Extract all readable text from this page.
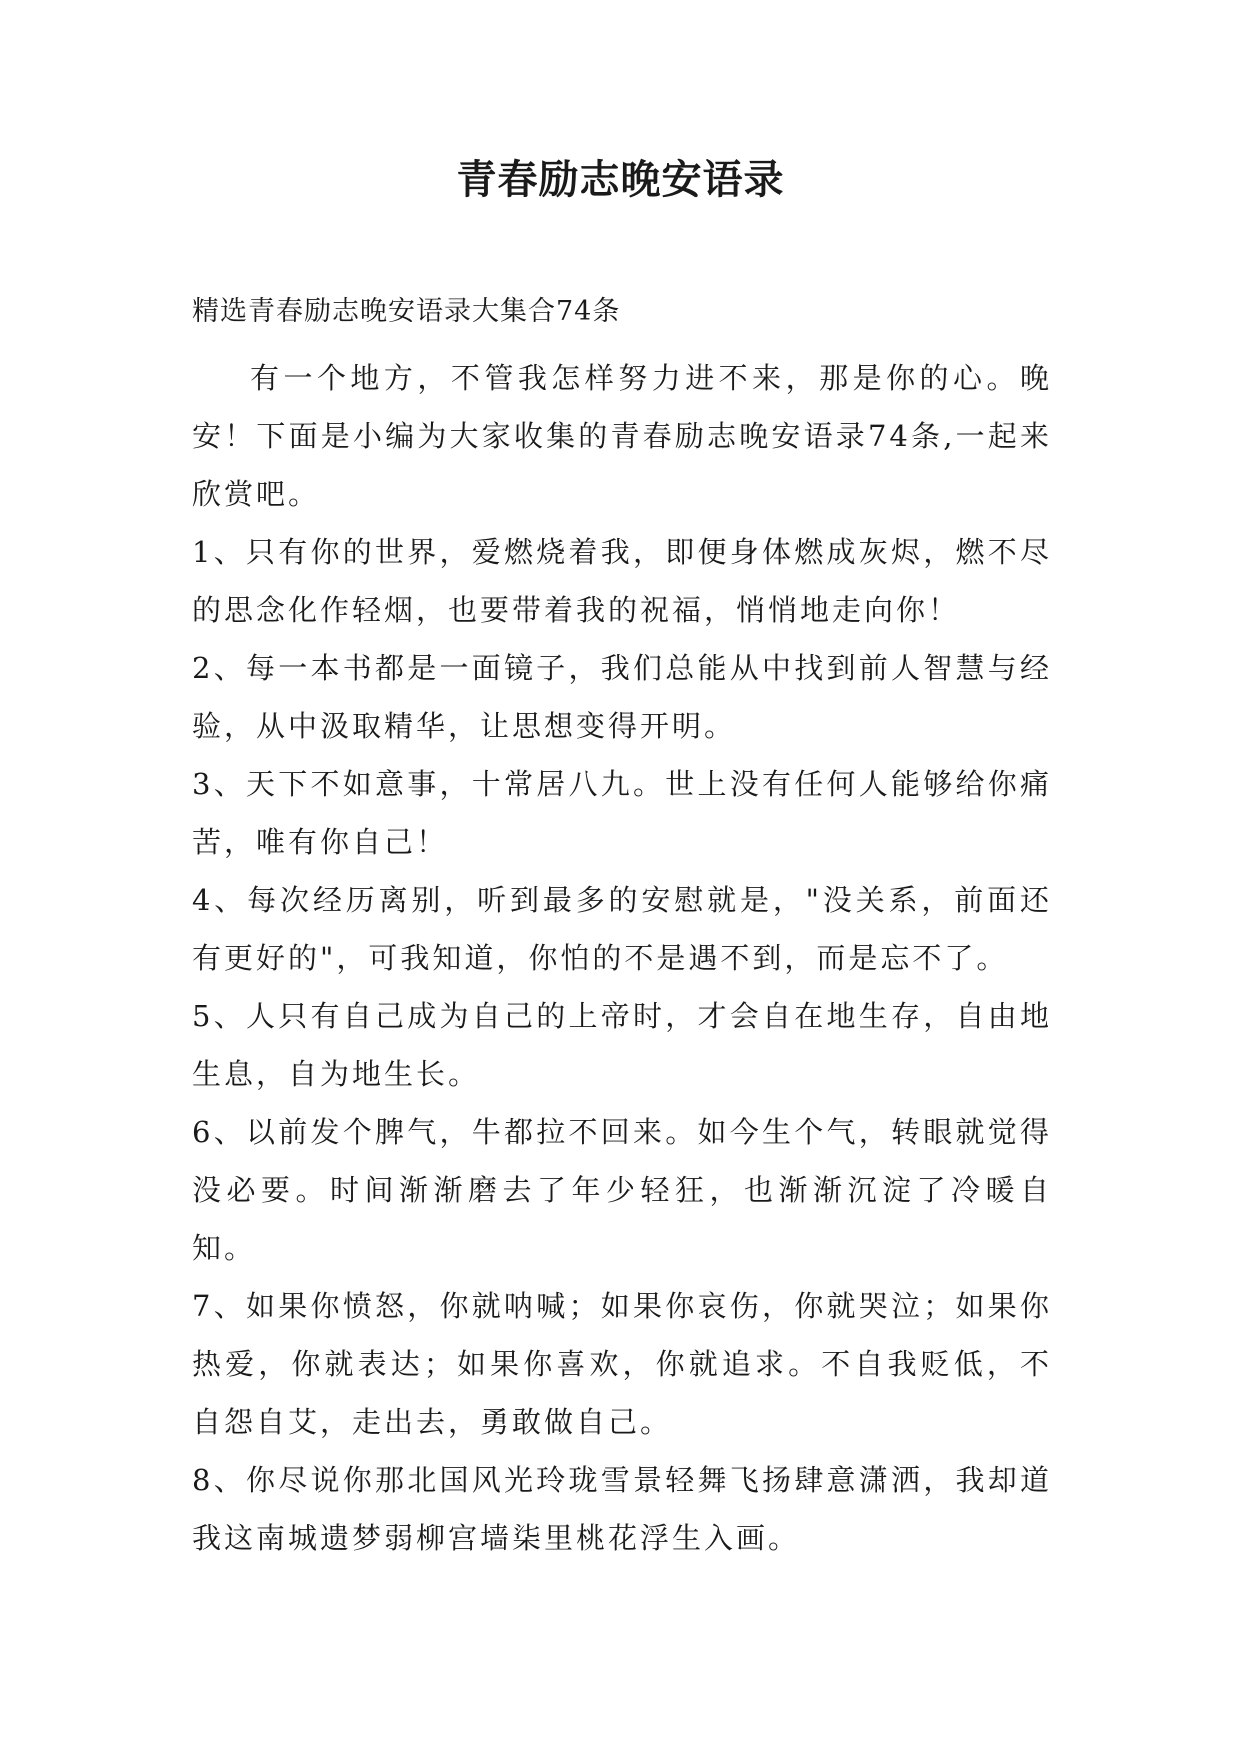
青春励志晚安语录

精选青春励志晚安语录大集合74条

有一个地方，不管我怎样努力进不来，那是你的心。晚安！下面是小编为大家收集的青春励志晚安语录74条,一起来欣赏吧。

1、只有你的世界，爱燃烧着我，即便身体燃成灰烬，燃不尽的思念化作轻烟，也要带着我的祝福，悄悄地走向你！

2、每一本书都是一面镜子，我们总能从中找到前人智慧与经验，从中汲取精华，让思想变得开明。

3、天下不如意事，十常居八九。世上没有任何人能够给你痛苦，唯有你自己！

4、每次经历离别，听到最多的安慰就是，"没关系，前面还有更好的"，可我知道，你怕的不是遇不到，而是忘不了。

5、人只有自己成为自己的上帝时，才会自在地生存，自由地生息，自为地生长。

6、以前发个脾气，牛都拉不回来。如今生个气，转眼就觉得没必要。时间渐渐磨去了年少轻狂，也渐渐沉淀了冷暖自知。

7、如果你愤怒，你就呐喊；如果你哀伤，你就哭泣；如果你热爱，你就表达；如果你喜欢，你就追求。不自我贬低，不自怨自艾，走出去，勇敢做自己。

8、你尽说你那北国风光玲珑雪景轻舞飞扬肆意潇洒，我却道我这南城遗梦弱柳宫墙柒里桃花浮生入画。
